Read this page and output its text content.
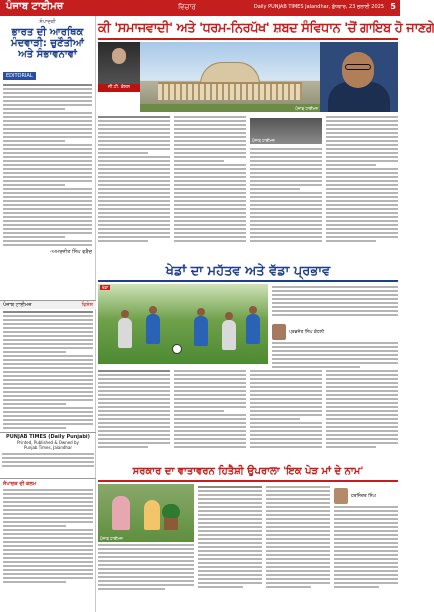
ਪੰਜਾਬ ਟਾਈਮਜ਼	ਵਿਚਾਰ	Daily PUNJAB TIMES Jalandhar, ਬੁੱਧਵਾਰ, 23 ਜੁਲਾਈ 2025 5
ਸੰਪਾਦਕੀ
ਭਾਰਤ ਦੀ ਆਰਥਿਕ ਮੰਦਵਾੜੀ: ਚੁਣੌਤੀਆਂ ਅਤੇ ਸੰਭਾਵਨਾਵਾਂ
EDITORIAL
-ਅਮਰਜੀਤ ਸਿੰਘ ਵੜੈਚ
ਪੰਜਾਬ ਟਾਈਮਜ਼	ਵਿਸ਼ੇਸ਼
PUNJAB TIMES (Daily Punjabi)
Printed, Published & Owned by
Punjab Times, Jalandhar
ਸੰਪਾਦਕ ਦੀ ਕਲਮ
ਕੀ 'ਸਮਾਜਵਾਦੀ' ਅਤੇ 'ਧਰਮ-ਨਿਰਪੱਖ' ਸ਼ਬਦ ਸੰਵਿਧਾਨ 'ਚੋਂ ਗਾਇਬ ਹੋ ਜਾਣਗੇ
ਜੀ.ਟੀ. ਕੋਸ਼ਲ
ਪੰਜਾਬ ਟਾਈਮਜ਼
ਪੰਜਾਬ ਟਾਈਮਜ਼
ਖੇਡਾਂ ਦਾ ਮਹੱਤਵ ਅਤੇ ਵੱਡਾ ਪ੍ਰਭਾਵ
ਖੇਡਾਂ
ਪ੍ਰਭਜੋਤ ਸਿੰਘ ਕੋਹਲੀ
ਸਰਕਾਰ ਦਾ ਵਾਤਾਵਰਨ ਹਿਤੈਸ਼ੀ ਉਪਰਾਲਾ 'ਇਕ ਪੇੜ ਮਾਂ ਦੇ ਨਾਮ'
ਪੰਜਾਬ ਟਾਈਮਜ਼
ਹਰਜਿੰਦਰ ਸਿੰਘ
